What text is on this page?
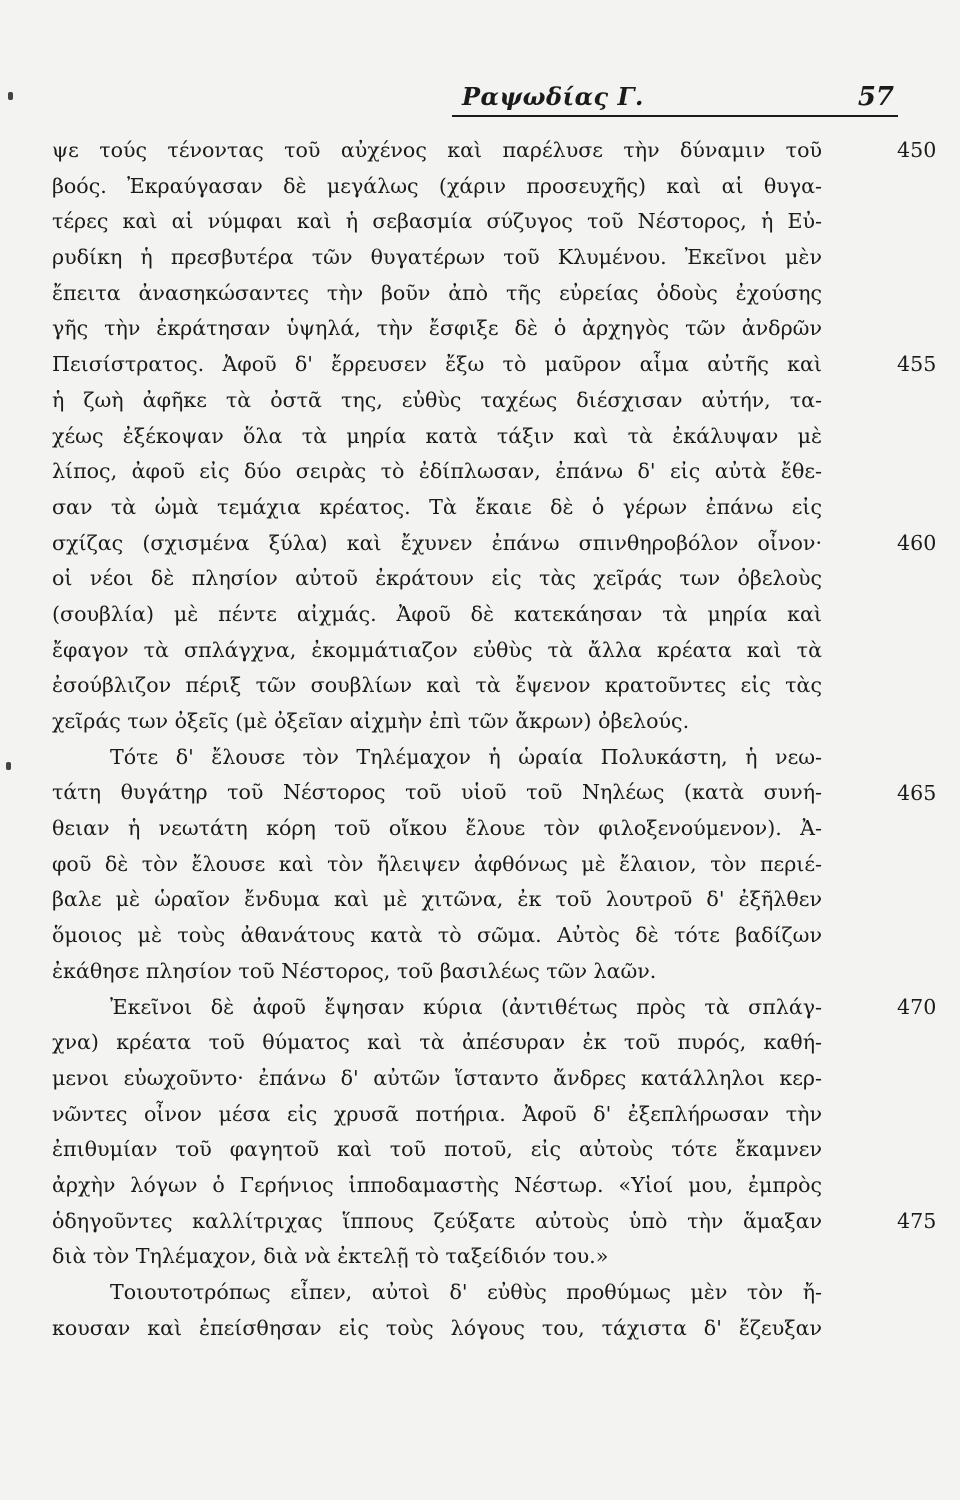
Ραψωδίας Γ.	57
ψε τούς τένοντας τοῦ αὐχένος καὶ παρέλυσε τὴν δύναμιν τοῦ	450
βοός. Ἐκραύγασαν δὲ μεγάλως (χάριν προσευχῆς) καὶ αἱ θυγα-
τέρες καὶ αἱ νύμφαι καὶ ἡ σεβασμία σύζυγος τοῦ Νέστορος, ἡ Εὐ-
ρυδίκη ἡ πρεσβυτέρα τῶν θυγατέρων τοῦ Κλυμένου. Ἐκεῖνοι μὲν
ἔπειτα ἀνασηκώσαντες τὴν βοῦν ἀπὸ τῆς εὐρείας ὁδοὺς ἐχούσης
γῆς τὴν ἐκράτησαν ὑψηλά, τὴν ἔσφιξε δὲ ὁ ἀρχηγὸς τῶν ἀνδρῶν
Πεισίστρατος. Ἀφοῦ δ' ἔρρευσεν ἔξω τὸ μαῦρον αἷμα αὐτῆς καὶ	455
ἡ ζωὴ ἀφῆκε τὰ ὀστᾶ της, εὐθὺς ταχέως διέσχισαν αὐτήν, τα-
χέως ἐξέκοψαν ὅλα τὰ μηρία κατὰ τάξιν καὶ τὰ ἐκάλυψαν μὲ
λίπος, ἀφοῦ εἰς δύο σειρὰς τὸ ἐδίπλωσαν, ἐπάνω δ' εἰς αὐτὰ ἔθε-
σαν τὰ ὠμὰ τεμάχια κρέατος. Τὰ ἔκαιε δὲ ὁ γέρων ἐπάνω εἰς
σχίζας (σχισμένα ξύλα) καὶ ἔχυνεν ἐπάνω σπινθηροβόλον οἶνον·	460
οἱ νέοι δὲ πλησίον αὐτοῦ ἐκράτουν εἰς τὰς χεῖράς των ὀβελοὺς
(σουβλία) μὲ πέντε αἰχμάς. Ἀφοῦ δὲ κατεκάησαν τὰ μηρία καὶ
ἔφαγον τὰ σπλάγχνα, ἐκομμάτιαζον εὐθὺς τὰ ἄλλα κρέατα καὶ τὰ
ἐσούβλιζον πέριξ τῶν σουβλίων καὶ τὰ ἔψενον κρατοῦντες εἰς τὰς
χεῖράς των ὀξεῖς (μὲ ὀξεῖαν αἰχμὴν ἐπὶ τῶν ἄκρων) ὀβελούς.
Τότε δ' ἔλουσε τὸν Τηλέμαχον ἡ ὡραία Πολυκάστη, ἡ νεω-
τάτη θυγάτηρ τοῦ Νέστορος τοῦ υἱοῦ τοῦ Νηλέως (κατὰ συνή-	465
θειαν ἡ νεωτάτη κόρη τοῦ οἴκου ἔλουε τὸν φιλοξενούμενον). Ἀ-
φοῦ δὲ τὸν ἔλουσε καὶ τὸν ἤλειψεν ἀφθόνως μὲ ἔλαιον, τὸν περιέ-
βαλε μὲ ὡραῖον ἔνδυμα καὶ μὲ χιτῶνα, ἐκ τοῦ λουτροῦ δ' ἐξῆλθεν
ὅμοιος μὲ τοὺς ἀθανάτους κατὰ τὸ σῶμα. Αὐτὸς δὲ τότε βαδίζων
ἐκάθησε πλησίον τοῦ Νέστορος, τοῦ βασιλέως τῶν λαῶν.
Ἐκεῖνοι δὲ ἀφοῦ ἔψησαν κύρια (ἀντιθέτως πρὸς τὰ σπλάγ-	470
χνα) κρέατα τοῦ θύματος καὶ τὰ ἀπέσυραν ἐκ τοῦ πυρός, καθή-
μενοι εὐωχοῦντο· ἐπάνω δ' αὐτῶν ἵσταντο ἄνδρες κατάλληλοι κερ-
νῶντες οἶνον μέσα εἰς χρυσᾶ ποτήρια. Ἀφοῦ δ' ἐξεπλήρωσαν τὴν
ἐπιθυμίαν τοῦ φαγητοῦ καὶ τοῦ ποτοῦ, εἰς αὐτοὺς τότε ἔκαμνεν
ἀρχὴν λόγων ὁ Γερήνιος ἱπποδαμαστὴς Νέστωρ. «Υἱοί μου, ἐμπρὸς
ὁδηγοῦντες καλλίτριχας ἵππους ζεύξατε αὐτοὺς ὑπὸ τὴν ἅμαξαν	475
διὰ τὸν Τηλέμαχον, διὰ νὰ ἐκτελῇ τὸ ταξείδιόν του.»
Τοιουτοτρόπως εἶπεν, αὐτοὶ δ' εὐθὺς προθύμως μὲν τὸν ἤ-
κουσαν καὶ ἐπείσθησαν εἰς τοὺς λόγους του, τάχιστα δ' ἔζευξαν
